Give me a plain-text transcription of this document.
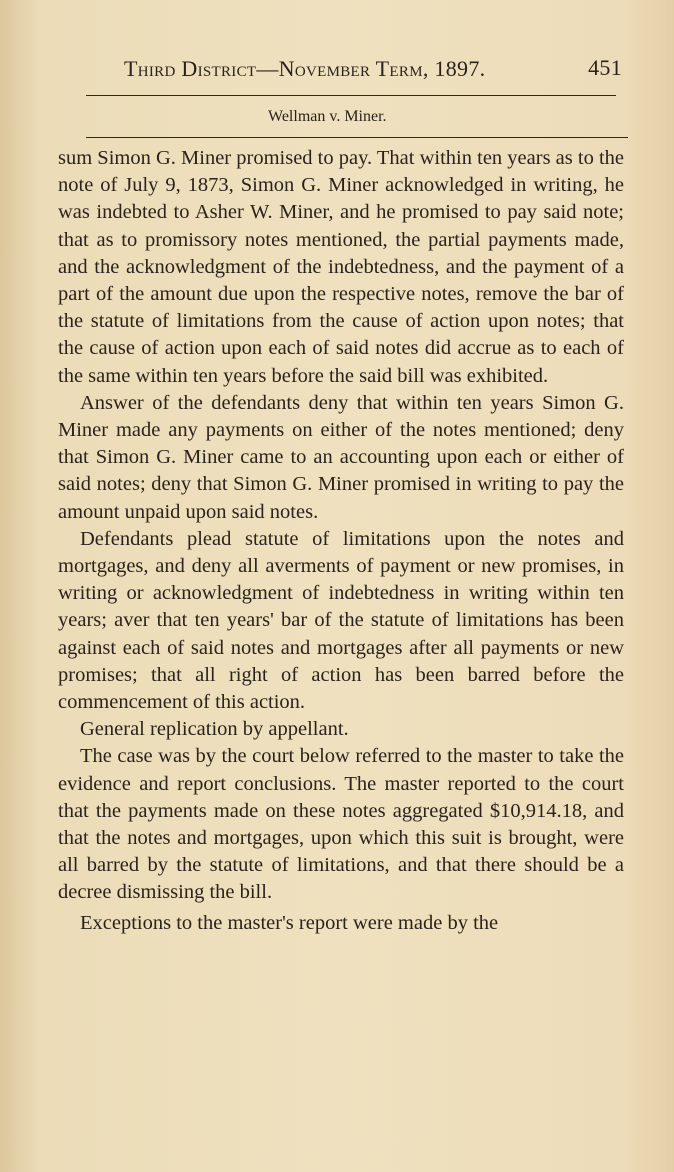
Third District—November Term, 1897.	451
Wellman v. Miner.

sum Simon G. Miner promised to pay. That within ten years as to the note of July 9, 1873, Simon G. Miner acknowledged in writing, he was indebted to Asher W. Miner, and he promised to pay said note; that as to promissory notes mentioned, the partial payments made, and the acknowledgment of the indebtedness, and the payment of a part of the amount due upon the respective notes, remove the bar of the statute of limitations from the cause of action upon notes; that the cause of action upon each of said notes did accrue as to each of the same within ten years before the said bill was exhibited.

Answer of the defendants deny that within ten years Simon G. Miner made any payments on either of the notes mentioned; deny that Simon G. Miner came to an accounting upon each or either of said notes; deny that Simon G. Miner promised in writing to pay the amount unpaid upon said notes.

Defendants plead statute of limitations upon the notes and mortgages, and deny all averments of payment or new promises, in writing or acknowledgment of indebtedness in writing within ten years; aver that ten years' bar of the statute of limitations has been against each of said notes and mortgages after all payments or new promises; that all right of action has been barred before the commencement of this action.

General replication by appellant.

The case was by the court below referred to the master to take the evidence and report conclusions. The master reported to the court that the payments made on these notes aggregated $10,914.18, and that the notes and mortgages, upon which this suit is brought, were all barred by the statute of limitations, and that there should be a decree dismissing the bill.

Exceptions to the master's report were made by the
